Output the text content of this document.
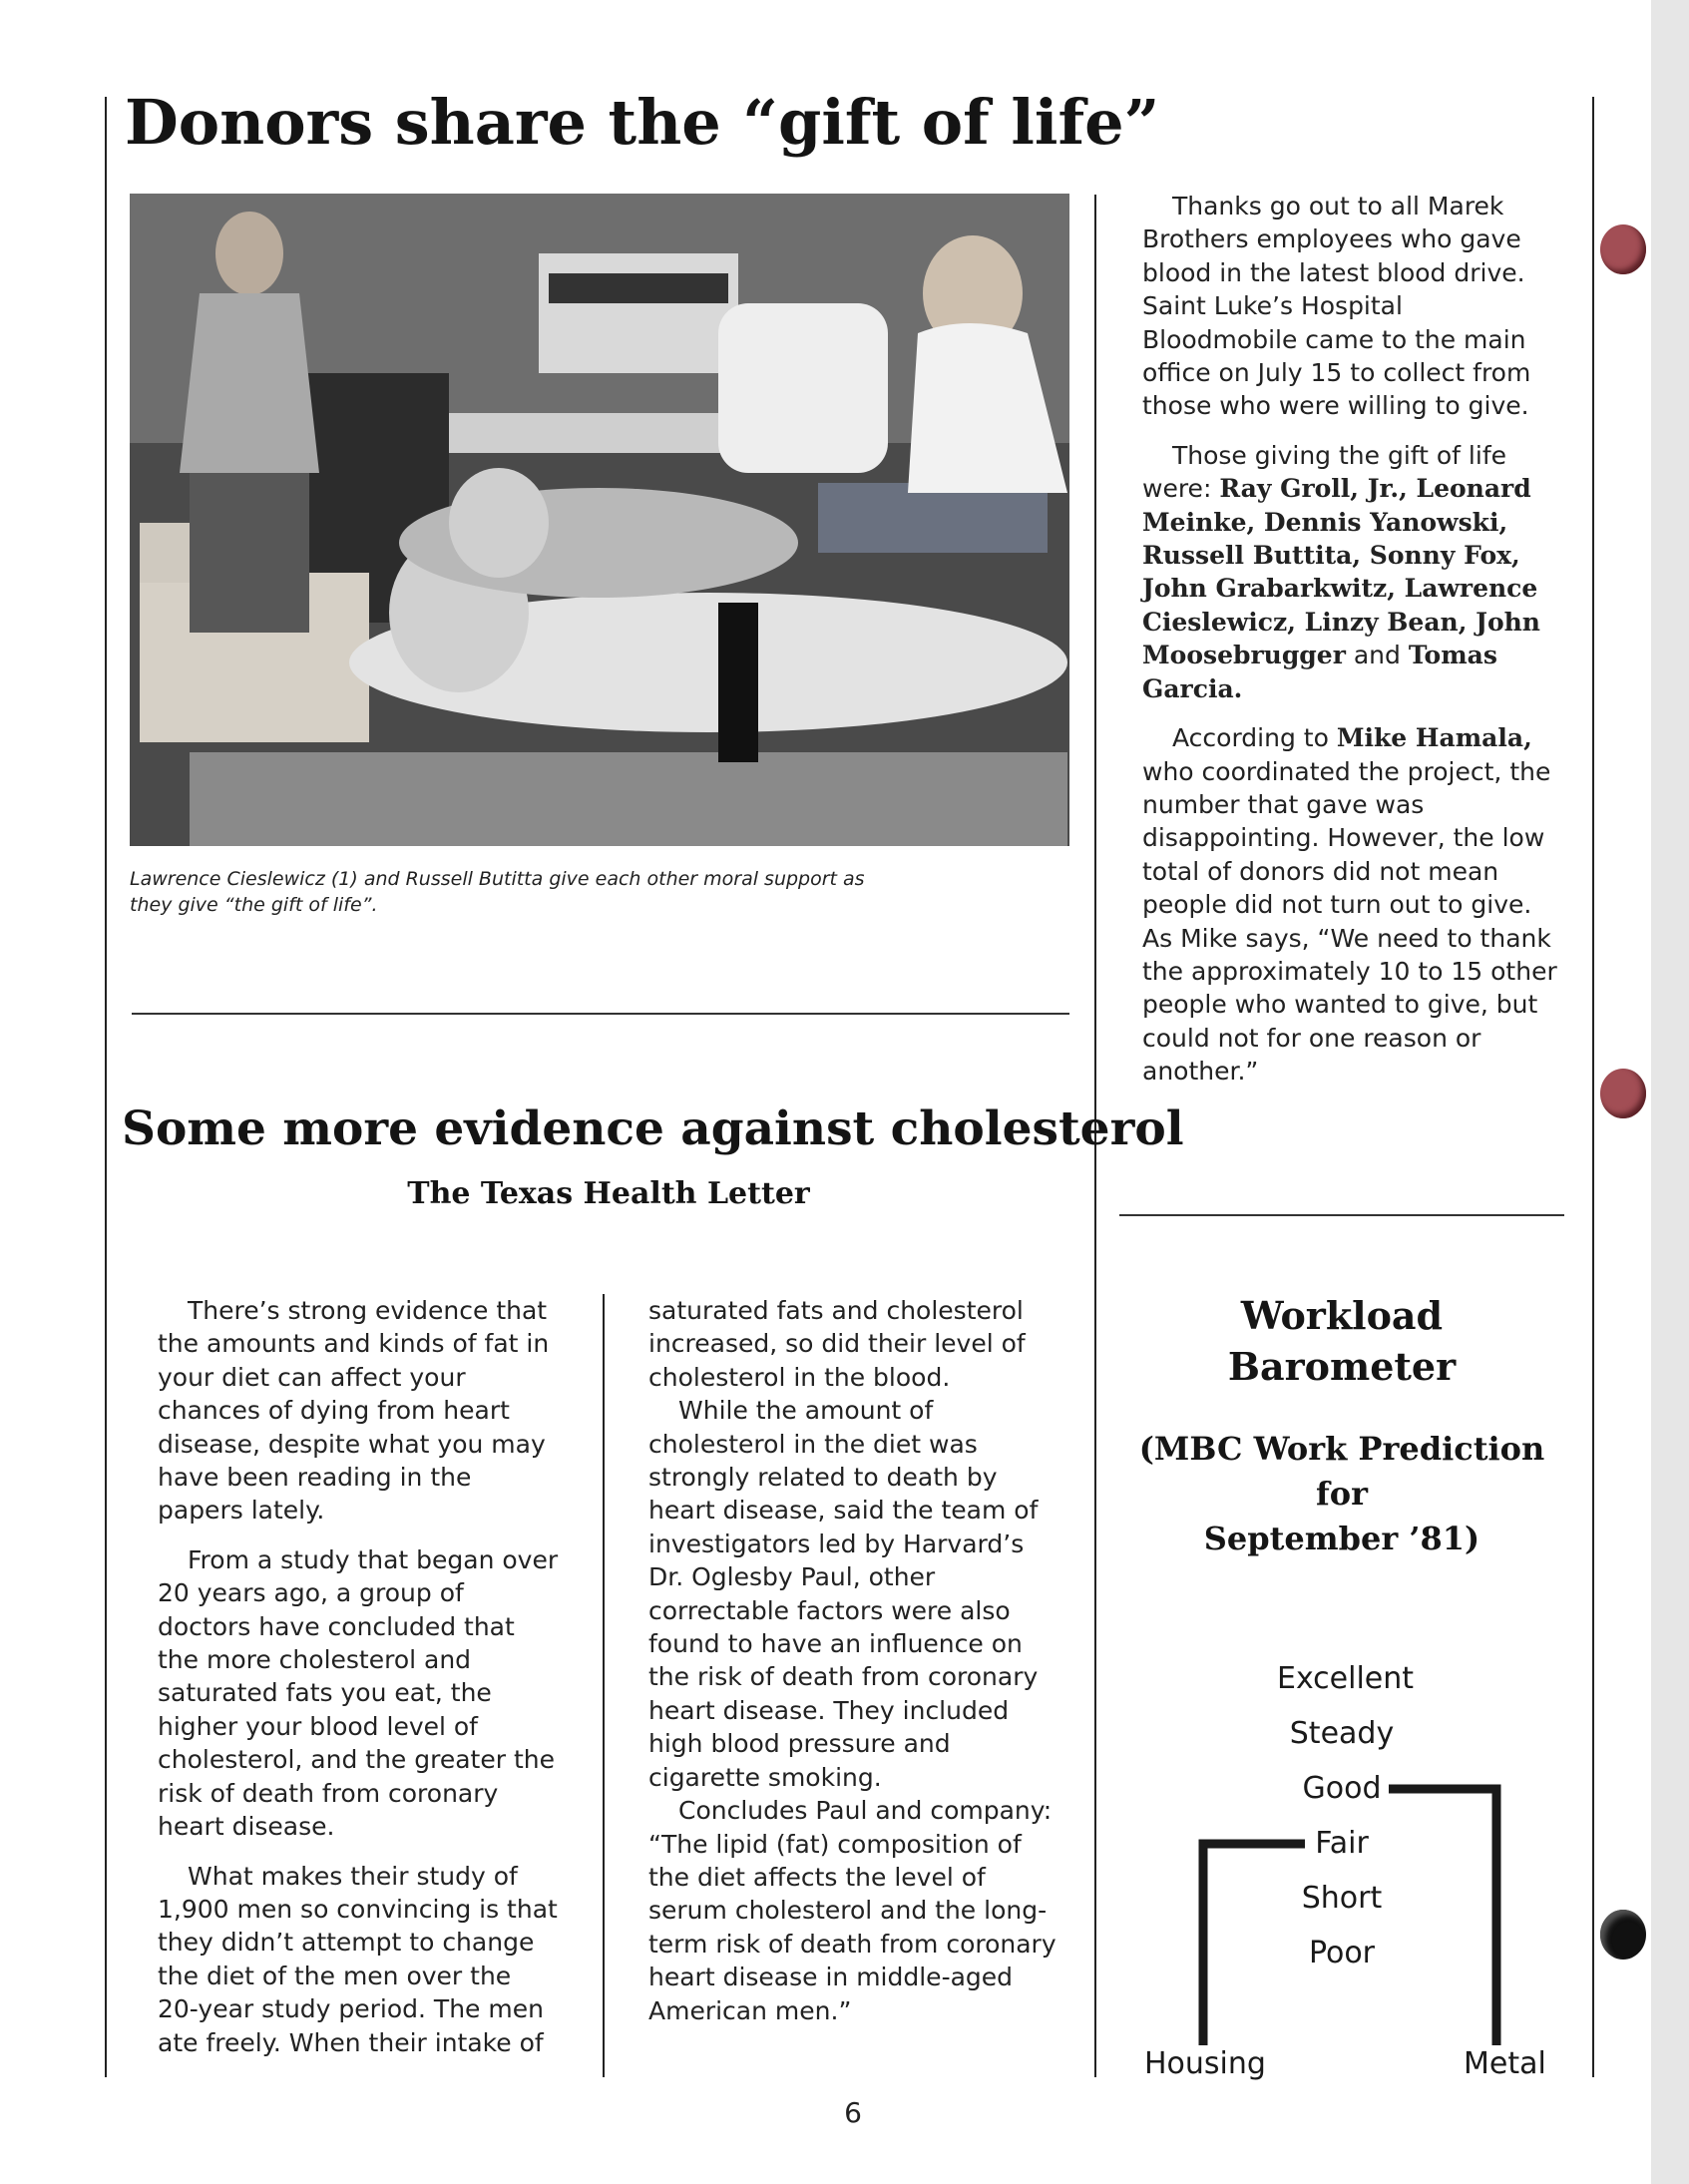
Donors share the “gift of life”
Lawrence Cieslewicz (1) and Russell Butitta give each other moral support as they give “the gift of life”.

Thanks go out to all Marek Brothers employees who gave blood in the latest blood drive. Saint Luke’s Hospital Bloodmobile came to the main office on July 15 to collect from those who were willing to give.

Those giving the gift of life were: Ray Groll, Jr., Leonard Meinke, Dennis Yanowski, Russell Buttita, Sonny Fox, John Grabarkwitz, Lawrence Cieslewicz, Linzy Bean, John Moosebrugger and Tomas Garcia.

According to Mike Hamala, who coordinated the project, the number that gave was disappointing. However, the low total of donors did not mean people did not turn out to give. As Mike says, “We need to thank the approximately 10 to 15 other people who wanted to give, but could not for one reason or another.”

Some more evidence against cholesterol
The Texas Health Letter

There’s strong evidence that the amounts and kinds of fat in your diet can affect your chances of dying from heart disease, despite what you may have been reading in the papers lately.

From a study that began over 20 years ago, a group of doctors have concluded that the more cholesterol and saturated fats you eat, the higher your blood level of cholesterol, and the greater the risk of death from coronary heart disease.

What makes their study of 1,900 men so convincing is that they didn’t attempt to change the diet of the men over the 20-year study period. The men ate freely. When their intake of

saturated fats and cholesterol increased, so did their level of cholesterol in the blood.

While the amount of cholesterol in the diet was strongly related to death by heart disease, said the team of investigators led by Harvard’s Dr. Oglesby Paul, other correctable factors were also found to have an influence on the risk of death from coronary heart disease. They included high blood pressure and cigarette smoking.

Concludes Paul and company: “The lipid (fat) composition of the diet affects the level of serum cholesterol and the long-term risk of death from coronary heart disease in middle-aged American men.”

Workload
Barometer
(MBC Work Prediction
for
September ’81)
Excellent
Steady
Good
Fair
Short
Poor
Housing	Metal
6
